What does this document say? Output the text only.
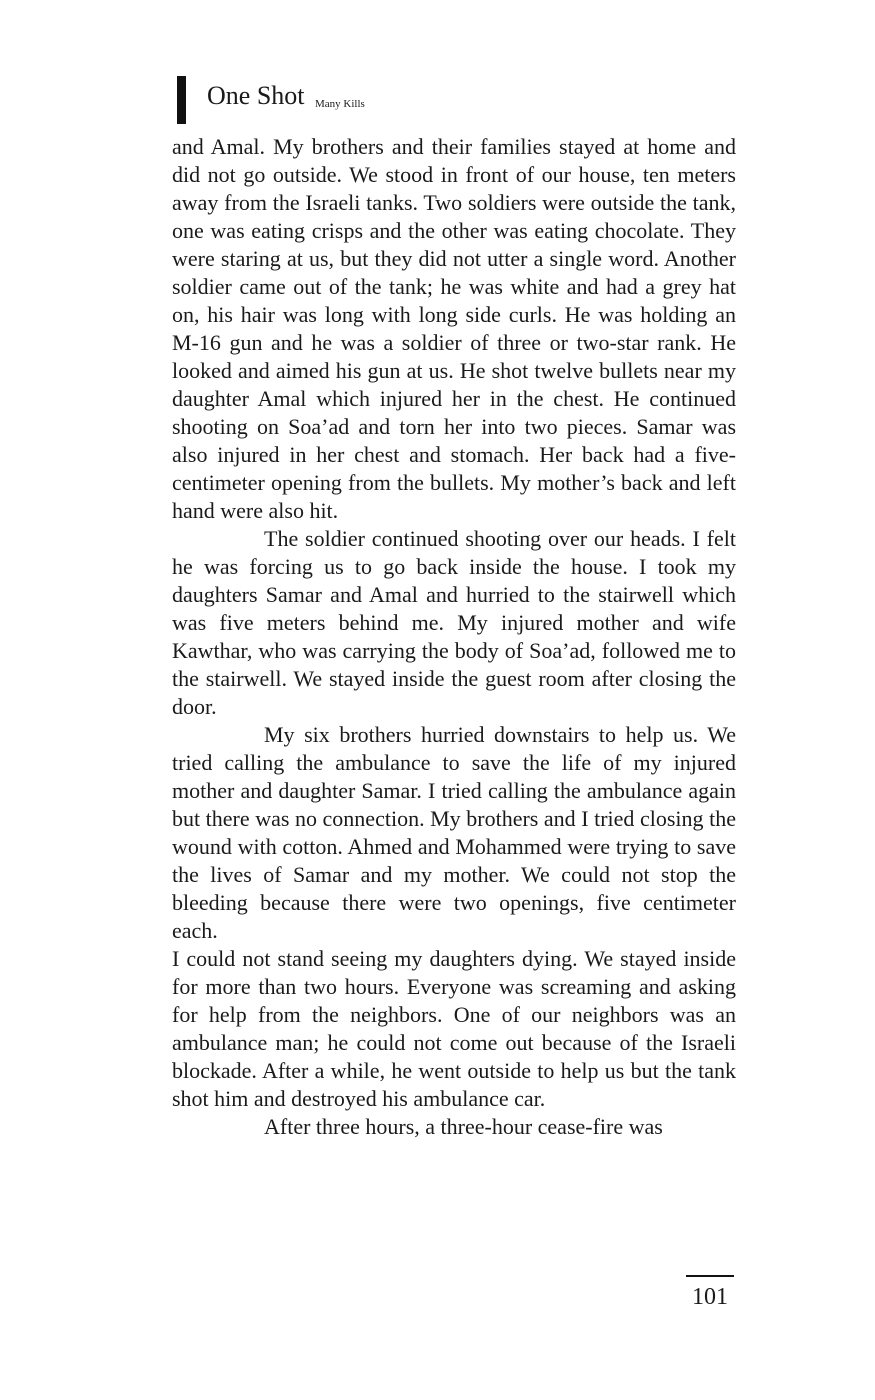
One Shot Many Kills

and Amal. My brothers and their families stayed at home and did not go outside. We stood in front of our house, ten meters away from the Israeli tanks. Two soldiers were outside the tank, one was eating crisps and the other was eating chocolate. They were staring at us, but they did not utter a single word. Another soldier came out of the tank; he was white and had a grey hat on, his hair was long with long side curls. He was holding an M-16 gun and he was a soldier of three or two-star rank. He looked and aimed his gun at us. He shot twelve bullets near my daughter Amal which injured her in the chest. He continued shooting on Soa’ad and torn her into two pieces. Samar was also injured in her chest and stomach. Her back had a five-centimeter opening from the bullets. My mother’s back and left hand were also hit.

The soldier continued shooting over our heads. I felt he was forcing us to go back inside the house. I took my daughters Samar and Amal and hurried to the stairwell which was five meters behind me. My injured mother and wife Kawthar, who was carrying the body of Soa’ad, followed me to the stairwell. We stayed inside the guest room after closing the door.

My six brothers hurried downstairs to help us. We tried calling the ambulance to save the life of my injured mother and daughter Samar. I tried calling the ambulance again but there was no connection. My brothers and I tried closing the wound with cotton. Ahmed and Mohammed were trying to save the lives of Samar and my mother. We could not stop the bleeding because there were two openings, five centimeter each.

I could not stand seeing my daughters dying. We stayed inside for more than two hours. Everyone was screaming and asking for help from the neighbors. One of our neighbors was an ambulance man; he could not come out because of the Israeli blockade. After a while, he went outside to help us but the tank shot him and destroyed his ambulance car.

After three hours, a three-hour cease-fire was

101
